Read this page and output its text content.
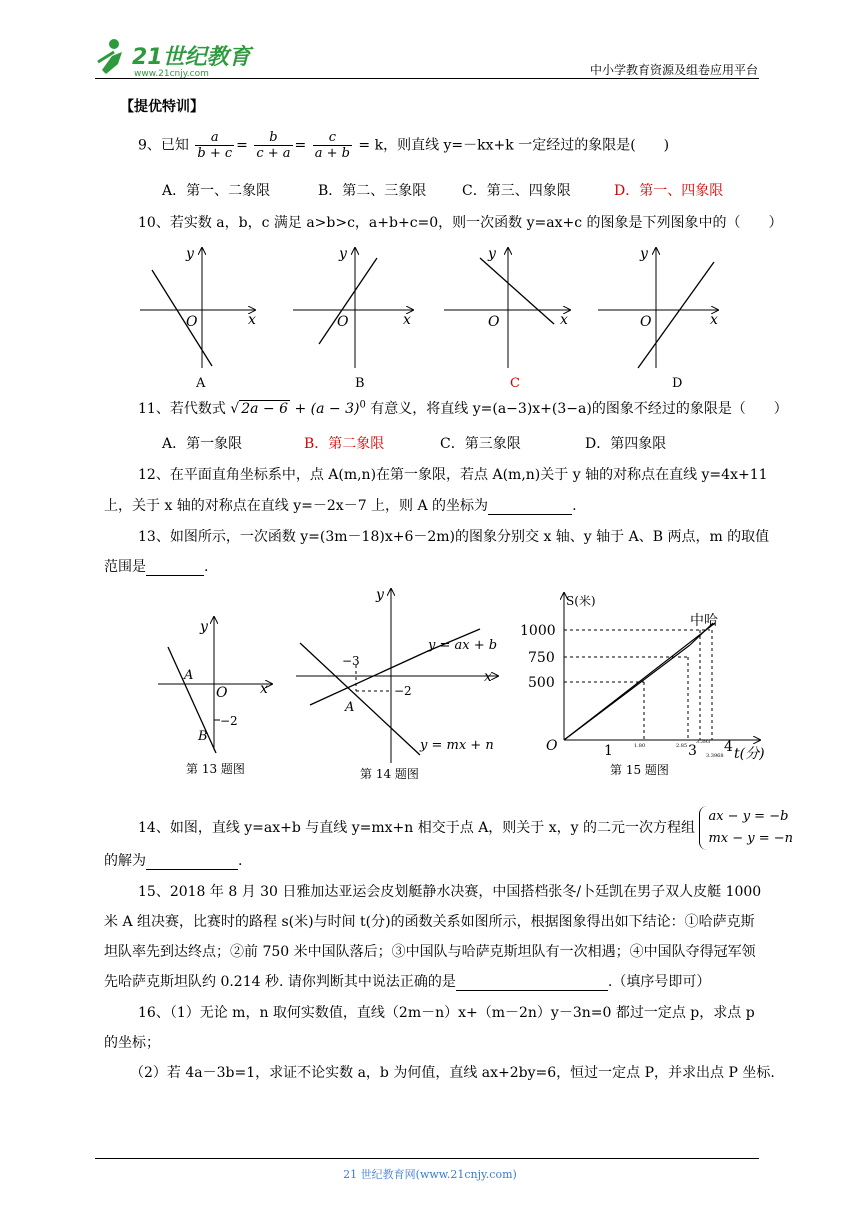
21世纪教育
www.21cnjy.com	中小学教育资源及组卷应用平台
【提优特训】
9、已知 $\frac{a}{b + c} = \frac{b}{c + a} = \frac{c}{a + b} = k$，则直线 y=－kx+k 一定经过的象限是(　　)
A．第一、二象限	B．第二、三象限	C．第三、四象限	D．第一、四象限
10、若实数 a，b，c 满足 a>b>c，a+b+c=0，则一次函数 y=ax+c 的图象是下列图象中的（　　）
y
x
O
A
y
x
O
B
y
x
O
C
y
x
O
D
11、若代数式 √ $2a - 6 + (a - 3)^0$ 有意义，将直线 y=(a−3)x+(3−a)的图象不经过的象限是（　　）
A．第一象限	B．第二象限	C．第三象限	D．第四象限
12、在平面直角坐标系中，点 A(m,n)在第一象限，若点 A(m,n)关于 y 轴的对称点在直线 y=4x+11
上，关于 x 轴的对称点在直线 y=－2x－7 上，则 A 的坐标为	.
13、如图所示，一次函数 y=(3m－18)x+6－2m)的图象分别交 x 轴、y 轴于 A、B 两点，m 的取值
范围是	.
y
x
O
A
B
−2
第 13 题图
y
x
−3
−2
A
y = ax + b
y = mx + n
第 14 题图
S(米)
t(分)
O
中哈
1000
750
500
1	3 4
1.80	2.85
3.393
3.3968
第 15 题图
14、如图，直线 y=ax+b 与直线 y=mx+n 相交于点 A，则关于 x，y 的二元一次方程组
ax − y = −b
mx − y = −n
的解为	.
15、2018 年 8 月 30 日雅加达亚运会皮划艇静水决赛，中国搭档张冬/卜廷凯在男子双人皮艇 1000
米 A 组决赛，比赛时的路程 s(米)与时间 t(分)的函数关系如图所示，根据图象得出如下结论：①哈萨克斯
坦队率先到达终点；②前 750 米中国队落后；③中国队与哈萨克斯坦队有一次相遇；④中国队夺得冠军领
先哈萨克斯坦队约 0.214 秒. 请你判断其中说法正确的是	.（填序号即可）
16、（1）无论 m，n 取何实数值，直线（2m－n）x+（m－2n）y－3n=0 都过一定点 p，求点 p
的坐标；
（2）若 4a－3b=1，求证不论实数 a，b 为何值，直线 ax+2by=6，恒过一定点 P，并求出点 P 坐标.
21 世纪教育网(www.21cnjy.com)
